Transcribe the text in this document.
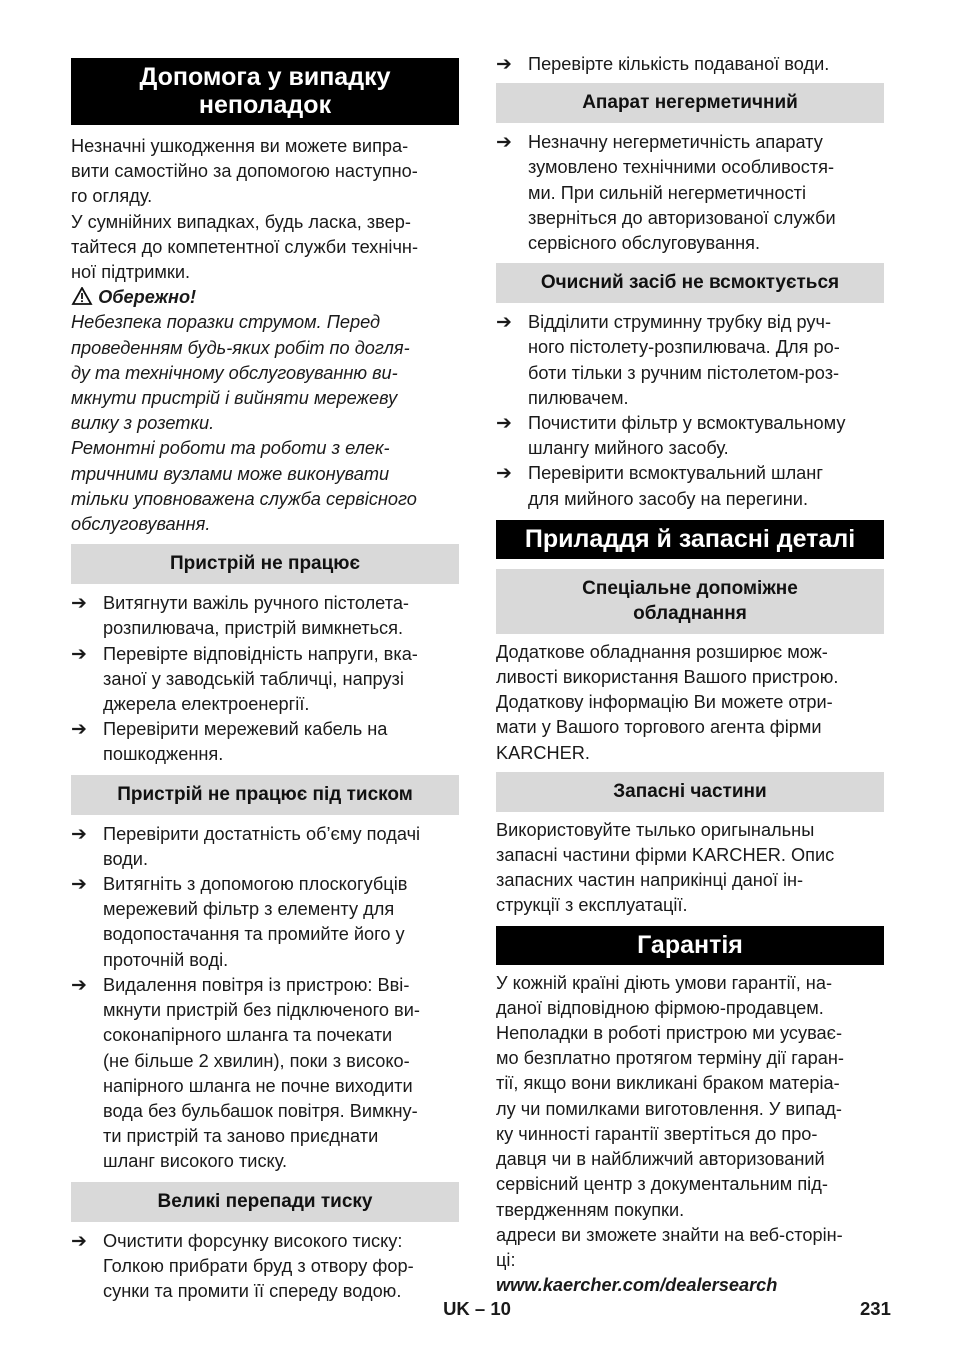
Допомога у випадку
неполадок
Незначні ушкодження ви можете випра-
вити самостійно за допомогою наступно-
го огляду.
У сумнійних випадках, будь ласка, звер-
тайтеся до компетентної служби технічн-
ної підтримки.
Обережно!
Небезпека поразки струмом. Перед
проведенням будь-яких робіт по догля-
ду та технічному обслуговуванню ви-
мкнути пристрій і вийняти мережеву
вилку з розетки.
Ремонтні роботи та роботи з елек-
тричними вузлами може виконувати
тільки уповноважена служба сервісного
обслуговування.
Пристрій не працює
➔ Витягнути важіль ручного пістолета-
розпилювача, пристрій вимкнеться.
➔ Перевірте відповідність напруги, вка-
заної у заводській табличці, напрузі
джерела електроенергії.
➔ Перевірити мережевий кабель на
пошкодження.
Пристрій не працює під тиском
➔ Перевірити достатність об’єму подачі
води.
➔ Витягніть з допомогою плоскогубців
мережевий фільтр з елементу для
водопостачання та промийте його у
проточній воді.
➔ Видалення повітря із пристрою: Вві-
мкнути пристрій без підключеного ви-
соконапірного шланга та почекати
(не більше 2 хвилин), поки з високо-
напірного шланга не почне виходити
вода без бульбашок повітря. Вимкну-
ти пристрій та заново приєднати
шланг високого тиску.
Великі перепади тиску
➔ Очистити форсунку високого тиску:
Голкою прибрати бруд з отвору фор-
сунки та промити її спереду водою.
➔ Перевірте кількість подаваної води.
Апарат негерметичний
➔ Незначну негерметичність апарату
зумовлено технічними особливостя-
ми. При сильній негерметичності
зверніться до авторизованої служби
сервісного обслуговування.
Очисний засіб не всмоктується
➔ Відділити струминну трубку від руч-
ного пістолету-розпилювача. Для ро-
боти тільки з ручним пістолетом-роз-
пилювачем.
➔ Почистити фільтр у всмоктувальному
шлангу мийного засобу.
➔ Перевірити всмоктувальний шланг
для мийного засобу на перегини.
Приладдя й запасні деталі
Спеціальне допоміжне
обладнання
Додаткове обладнання розширює мож-
ливості використання Вашого пристрою.
Додаткову інформацію Ви можете отри-
мати у Вашого торгового агента фірми
KARCHER.
Запасні частини
Використовуйте тылько оригынальны
запасні частини фірми KARCHER. Опис
запасних частин наприкінці даної ін-
струкції з експлуатації.
Гарантія
У кожній країні діють умови гарантії, на-
даної відповідною фірмою-продавцем.
Неполадки в роботі пристрою ми усуває-
мо безплатно протягом терміну дії гаран-
тії, якщо вони викликані браком матеріа-
лу чи помилками виготовлення. У випад-
ку чинності гарантії звертіться до про-
давця чи в найближчий авторизований
сервісний центр з документальним під-
твердженням покупки.
адреси ви зможете знайти на веб-сторін-
ці:
www.kaercher.com/dealersearch
UK – 10	231
